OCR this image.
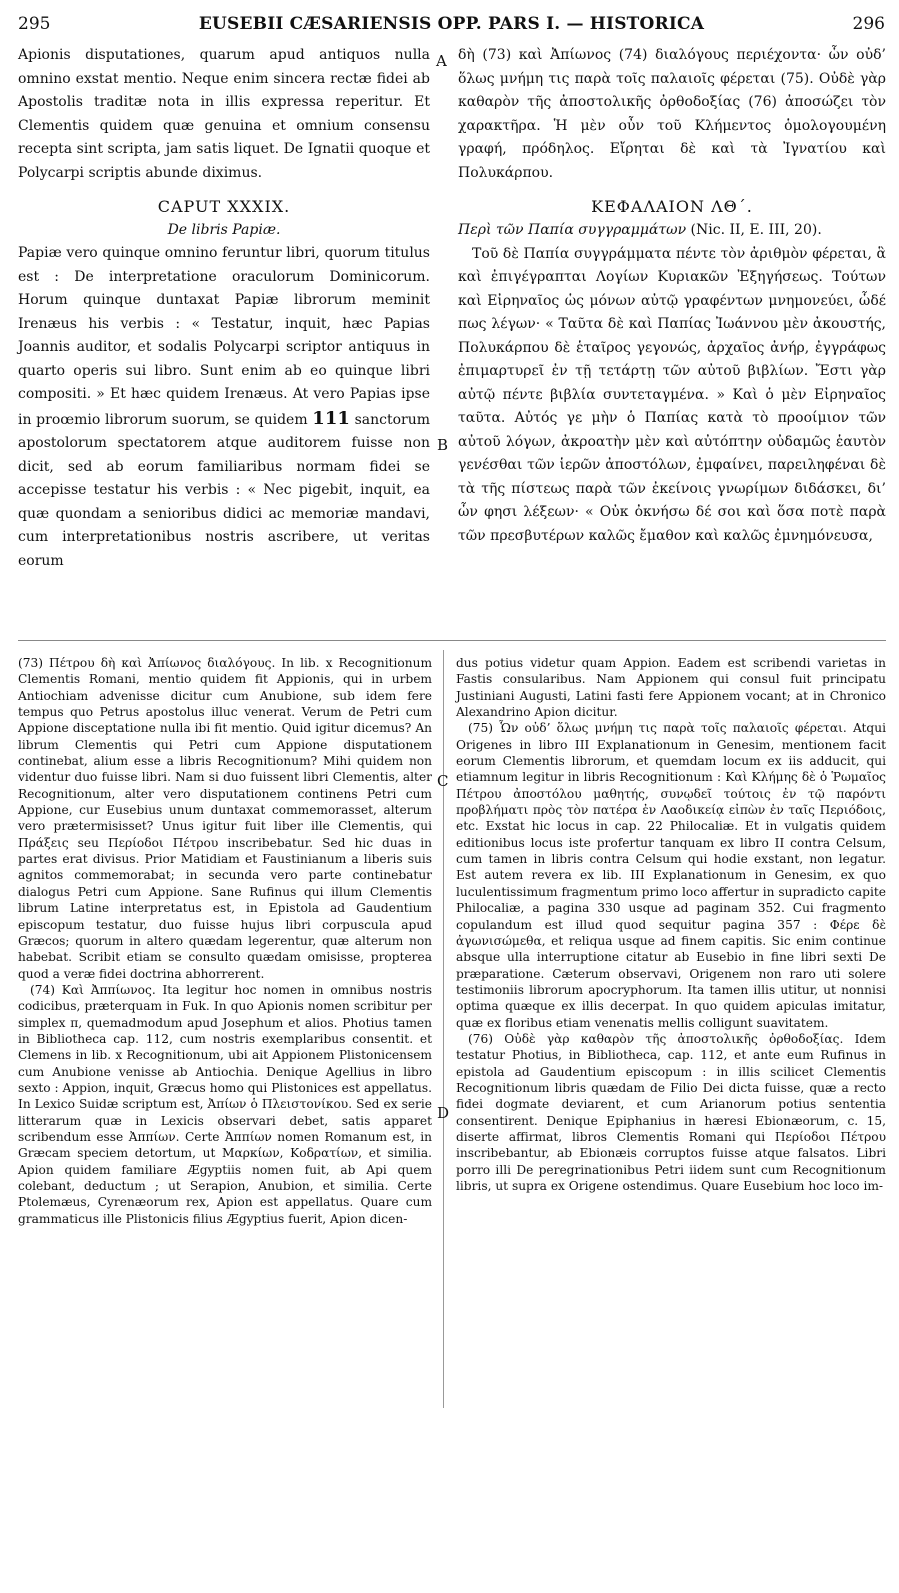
295	EUSEBII CÆSARIENSIS OPP. PARS I. — HISTORICA	296

Apionis disputationes, quarum apud antiquos nulla omnino exstat mentio. Neque enim sincera rectæ fidei ab Apostolis traditæ nota in illis expressa reperitur. Et Clementis quidem quæ genuina et omnium consensu recepta sint scripta, jam satis liquet. De Ignatii quoque et Polycarpi scriptis abunde diximus.

CAPUT XXXIX.
De libris Papiæ.

Papiæ vero quinque omnino feruntur libri, quorum titulus est : De interpretatione oraculorum Dominicorum. Horum quinque duntaxat Papiæ librorum meminit Irenæus his verbis : « Testatur, inquit, hæc Papias Joannis auditor, et sodalis Polycarpi scriptor antiquus in quarto operis sui libro. Sunt enim ab eo quinque libri compositi. » Et hæc quidem Irenæus. At vero Papias ipse in proœmio librorum suorum, se quidem 111 sanctorum apostolorum spectatorem atque auditorem fuisse non dicit, sed ab eorum familiaribus normam fidei se accepisse testatur his verbis : « Nec pigebit, inquit, ea quæ quondam a senioribus didici ac memoriæ mandavi, cum interpretationibus nostris ascribere, ut veritas eorum

A
B

δὴ (73) καὶ Ἀπίωνος (74) διαλόγους περιέχοντα· ὧν οὐδ’ ὅλως μνήμη τις παρὰ τοῖς παλαιοῖς φέρεται (75). Οὐδὲ γὰρ καθαρὸν τῆς ἀποστολικῆς ὀρθοδοξίας (76) ἀποσώζει τὸν χαρακτῆρα. Ἡ μὲν οὖν τοῦ Κλήμεντος ὁμολογουμένη γραφή, πρόδηλος. Εἴρηται δὲ καὶ τὰ Ἰγνατίου καὶ Πολυκάρπου.

ΚΕΦΑΛΑΙΟΝ ΛΘ΄.
Περὶ τῶν Παπία συγγραμμάτων (Nic. II, E. III, 20).

Τοῦ δὲ Παπία συγγράμματα πέντε τὸν ἀριθμὸν φέρεται, ἃ καὶ ἐπιγέγραπται Λογίων Κυριακῶν Ἐξηγήσεως. Τούτων καὶ Εἰρηναῖος ὡς μόνων αὐτῷ γραφέντων μνημονεύει, ὧδέ πως λέγων· « Ταῦτα δὲ καὶ Παπίας Ἰωάννου μὲν ἀκουστής, Πολυκάρπου δὲ ἑταῖρος γεγονώς, ἀρχαῖος ἀνήρ, ἐγγράφως ἐπιμαρτυρεῖ ἐν τῇ τετάρτῃ τῶν αὐτοῦ βιβλίων. Ἔστι γὰρ αὐτῷ πέντε βιβλία συντεταγμένα. » Καὶ ὁ μὲν Εἰρηναῖος ταῦτα. Αὐτός γε μὴν ὁ Παπίας κατὰ τὸ προοίμιον τῶν αὐτοῦ λόγων, ἀκροατὴν μὲν καὶ αὐτόπτην οὐδαμῶς ἑαυτὸν γενέσθαι τῶν ἱερῶν ἀποστόλων, ἐμφαίνει, παρειληφέναι δὲ τὰ τῆς πίστεως παρὰ τῶν ἐκείνοις γνωρίμων διδάσκει, δι’ ὧν φησι λέξεων· « Οὐκ ὀκνήσω δέ σοι καὶ ὅσα ποτὲ παρὰ τῶν πρεσβυτέρων καλῶς ἔμαθον καὶ καλῶς ἐμνημόνευσα,

C
D

(73) Πέτρου δὴ καὶ Ἀπίωνος διαλόγους. In lib. x Recognitionum Clementis Romani, mentio quidem fit Appionis, qui in urbem Antiochiam advenisse dicitur cum Anubione, sub idem fere tempus quo Petrus apostolus illuc venerat. Verum de Petri cum Appione disceptatione nulla ibi fit mentio. Quid igitur dicemus? An librum Clementis qui Petri cum Appione disputationem continebat, alium esse a libris Recognitionum? Mihi quidem non videntur duo fuisse libri. Nam si duo fuissent libri Clementis, alter Recognitionum, alter vero disputationem continens Petri cum Appione, cur Eusebius unum duntaxat commemorasset, alterum vero prætermisisset? Unus igitur fuit liber ille Clementis, qui Πράξεις seu Περίοδοι Πέτρου inscribebatur. Sed hic duas in partes erat divisus. Prior Matidiam et Faustinianum a liberis suis agnitos commemorabat; in secunda vero parte continebatur dialogus Petri cum Appione. Sane Rufinus qui illum Clementis librum Latine interpretatus est, in Epistola ad Gaudentium episcopum testatur, duo fuisse hujus libri corpuscula apud Græcos; quorum in altero quædam legerentur, quæ alterum non habebat. Scribit etiam se consulto quædam omisisse, propterea quod a veræ fidei doctrina abhorrerent.

(74) Καὶ Ἀππίωνος. Ita legitur hoc nomen in omnibus nostris codicibus, præterquam in Fuk. In quo Apionis nomen scribitur per simplex π, quemadmodum apud Josephum et alios. Photius tamen in Bibliotheca cap. 112, cum nostris exemplaribus consentit. et Clemens in lib. x Recognitionum, ubi ait Appionem Plistonicensem cum Anubione venisse ab Antiochia. Denique Agellius in libro sexto : Appion, inquit, Græcus homo qui Plistonices est appellatus. In Lexico Suidæ scriptum est, Ἀπίων ὁ Πλειστονίκου. Sed ex serie litterarum quæ in Lexicis observari debet, satis apparet scribendum esse Ἀππίων. Certe Ἀππίων nomen Romanum est, in Græcam speciem detortum, ut Μαρκίων, Κοδρατίων, et similia. Apion quidem familiare Ægyptiis nomen fuit, ab Api quem colebant, deductum ; ut Serapion, Anubion, et similia. Certe Ptolemæus, Cyrenæorum rex, Apion est appellatus. Quare cum grammaticus ille Plistonicis filius Ægyptius fuerit, Apion dicen-

dus potius videtur quam Appion. Eadem est scribendi varietas in Fastis consularibus. Nam Appionem qui consul fuit principatu Justiniani Augusti, Latini fasti fere Appionem vocant; at in Chronico Alexandrino Apion dicitur.

(75) Ὧν οὐδ’ ὅλως μνήμη τις παρὰ τοῖς παλαιοῖς φέρεται. Atqui Origenes in libro III Explanationum in Genesim, mentionem facit eorum Clementis librorum, et quemdam locum ex iis adducit, qui etiamnum legitur in libris Recognitionum : Καὶ Κλήμης δὲ ὁ Ῥωμαῖος Πέτρου ἀποστόλου μαθητής, συνῳδεῖ τούτοις ἐν τῷ παρόντι προβλήματι πρὸς τὸν πατέρα ἐν Λαοδικείᾳ εἰπὼν ἐν ταῖς Περιόδοις, etc. Exstat hic locus in cap. 22 Philocaliæ. Et in vulgatis quidem editionibus locus iste profertur tanquam ex libro II contra Celsum, cum tamen in libris contra Celsum qui hodie exstant, non legatur. Est autem revera ex lib. III Explanationum in Genesim, ex quo luculentissimum fragmentum primo loco affertur in supradicto capite Philocaliæ, a pagina 330 usque ad paginam 352. Cui fragmento copulandum est illud quod sequitur pagina 357 : Φέρε δὲ ἀγωνισώμεθα, et reliqua usque ad finem capitis. Sic enim continue absque ulla interruptione citatur ab Eusebio in fine libri sexti De præparatione. Cæterum observavi, Origenem non raro uti solere testimoniis librorum apocryphorum. Ita tamen illis utitur, ut nonnisi optima quæque ex illis decerpat. In quo quidem apiculas imitatur, quæ ex floribus etiam venenatis mellis colligunt suavitatem.

(76) Οὐδὲ γὰρ καθαρὸν τῆς ἀποστολικῆς ὀρθοδοξίας. Idem testatur Photius, in Bibliotheca, cap. 112, et ante eum Rufinus in epistola ad Gaudentium episcopum : in illis scilicet Clementis Recognitionum libris quædam de Filio Dei dicta fuisse, quæ a recto fidei dogmate deviarent, et cum Arianorum potius sententia consentirent. Denique Epiphanius in hæresi Ebionæorum, c. 15, diserte affirmat, libros Clementis Romani qui Περίοδοι Πέτρου inscribebantur, ab Ebionæis corruptos fuisse atque falsatos. Libri porro illi De peregrinationibus Petri iidem sunt cum Recognitionum libris, ut supra ex Origene ostendimus. Quare Eusebium hoc loco im-
